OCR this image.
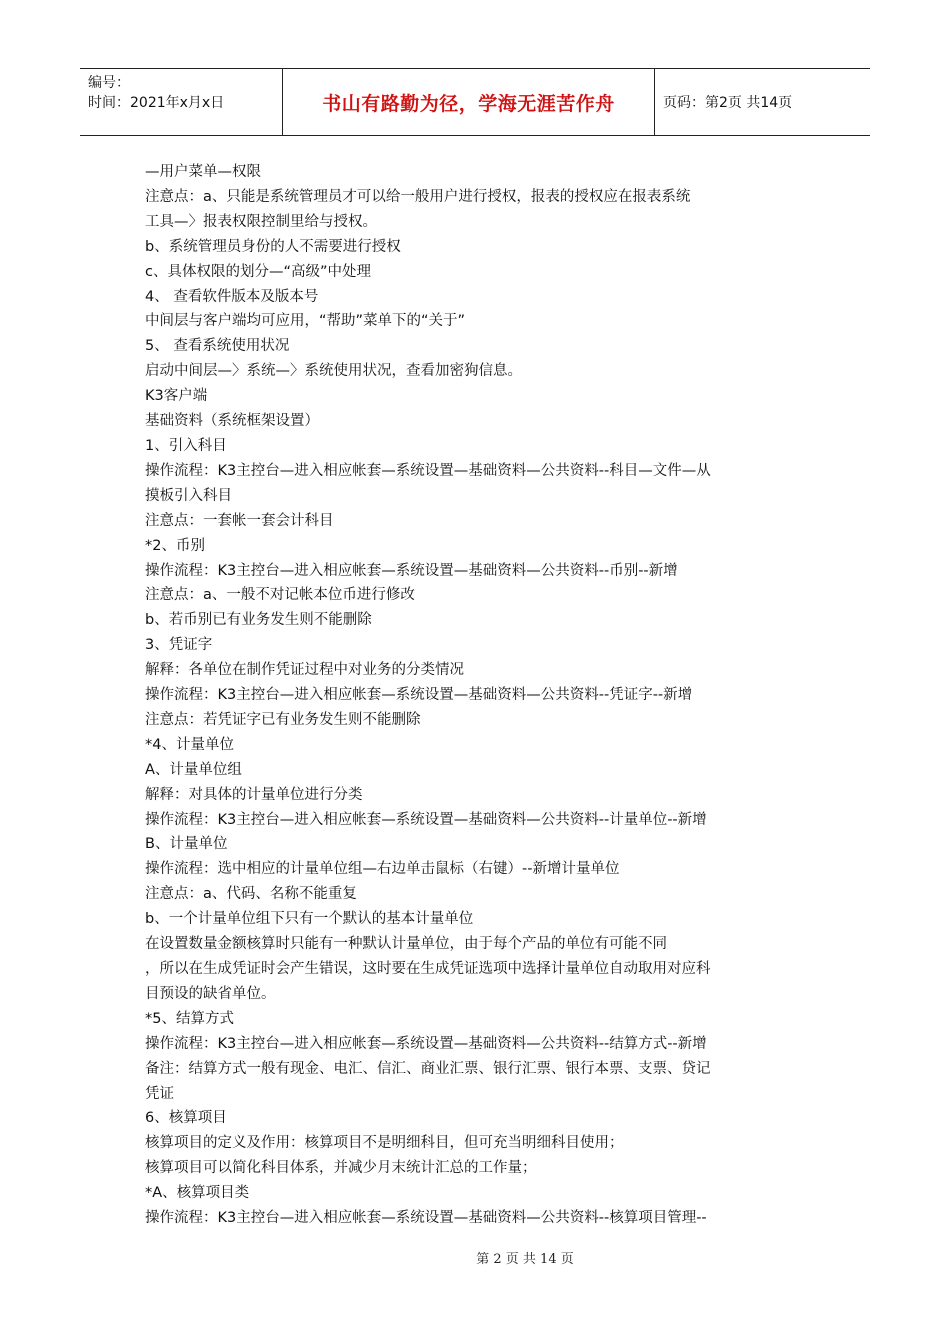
编号：
时间：2021年x月x日	书山有路勤为径，学海无涯苦作舟	页码：第2页 共14页
—用户菜单—权限
注意点：a、只能是系统管理员才可以给一般用户进行授权，报表的授权应在报表系统
工具—〉报表权限控制里给与授权。
b、系统管理员身份的人不需要进行授权
c、具体权限的划分—“高级”中处理
4、 查看软件版本及版本号
中间层与客户端均可应用，“帮助”菜单下的“关于”
5、 查看系统使用状况
启动中间层—〉系统—〉系统使用状况，查看加密狗信息。
K3客户端
基础资料（系统框架设置）
1、引入科目
操作流程：K3主控台—进入相应帐套—系统设置—基础资料—公共资料--科目—文件—从
摸板引入科目
注意点：一套帐一套会计科目
*2、币别
操作流程：K3主控台—进入相应帐套—系统设置—基础资料—公共资料--币别--新增
注意点：a、一般不对记帐本位币进行修改
b、若币别已有业务发生则不能删除
3、凭证字
解释：各单位在制作凭证过程中对业务的分类情况
操作流程：K3主控台—进入相应帐套—系统设置—基础资料—公共资料--凭证字--新增
注意点：若凭证字已有业务发生则不能删除
*4、计量单位
A、计量单位组
解释：对具体的计量单位进行分类
操作流程：K3主控台—进入相应帐套—系统设置—基础资料—公共资料--计量单位--新增
B、计量单位
操作流程：选中相应的计量单位组—右边单击鼠标（右键）--新增计量单位
注意点：a、代码、名称不能重复
b、一个计量单位组下只有一个默认的基本计量单位
在设置数量金额核算时只能有一种默认计量单位，由于每个产品的单位有可能不同
，所以在生成凭证时会产生错误，这时要在生成凭证选项中选择计量单位自动取用对应科
目预设的缺省单位。
*5、结算方式
操作流程：K3主控台—进入相应帐套—系统设置—基础资料—公共资料--结算方式--新增
备注：结算方式一般有现金、电汇、信汇、商业汇票、银行汇票、银行本票、支票、贷记
凭证
6、核算项目
核算项目的定义及作用：核算项目不是明细科目，但可充当明细科目使用；
核算项目可以简化科目体系，并减少月末统计汇总的工作量；
*A、核算项目类
操作流程：K3主控台—进入相应帐套—系统设置—基础资料—公共资料--核算项目管理--
第 2 页 共 14 页
